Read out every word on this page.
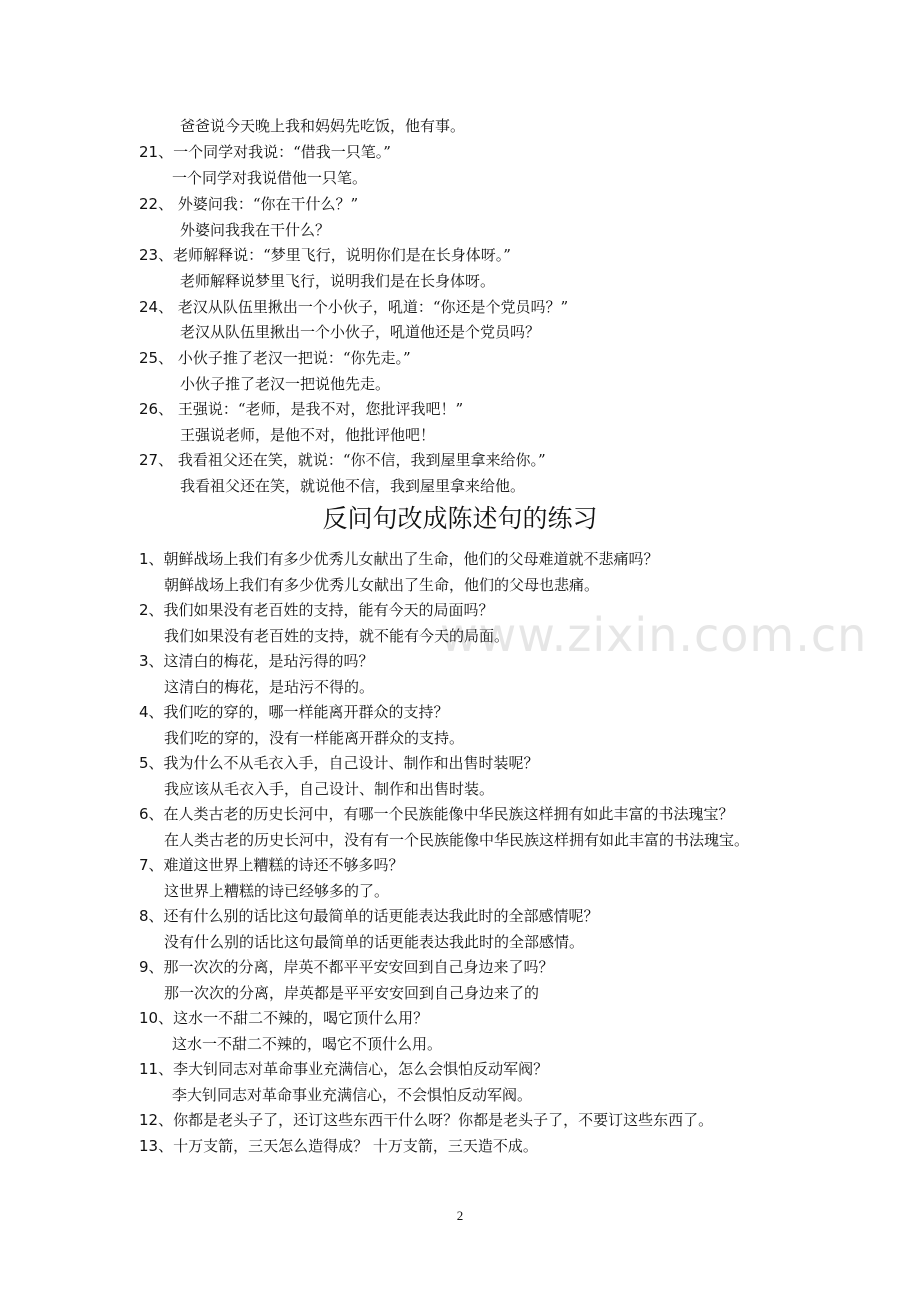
www.zixin.com.cn
爸爸说今天晚上我和妈妈先吃饭，他有事。
21、一个同学对我说：“借我一只笔。”
一个同学对我说借他一只笔。
22、 外婆问我：“你在干什么？”
外婆问我我在干什么？
23、老师解释说：“梦里飞行，说明你们是在长身体呀。”
老师解释说梦里飞行，说明我们是在长身体呀。
24、 老汉从队伍里揪出一个小伙子，吼道：“你还是个党员吗？”
老汉从队伍里揪出一个小伙子，吼道他还是个党员吗？
25、 小伙子推了老汉一把说：“你先走。”
小伙子推了老汉一把说他先走。
26、 王强说：“老师，是我不对，您批评我吧！”
王强说老师，是他不对，他批评他吧！
27、 我看祖父还在笑，就说：“你不信，我到屋里拿来给你。”
我看祖父还在笑，就说他不信，我到屋里拿来给他。
反问句改成陈述句的练习
1、朝鲜战场上我们有多少优秀儿女献出了生命，他们的父母难道就不悲痛吗？
朝鲜战场上我们有多少优秀儿女献出了生命，他们的父母也悲痛。
2、我们如果没有老百姓的支持，能有今天的局面吗？
我们如果没有老百姓的支持，就不能有今天的局面。
3、这清白的梅花，是玷污得的吗？
这清白的梅花，是玷污不得的。
4、我们吃的穿的，哪一样能离开群众的支持？
我们吃的穿的，没有一样能离开群众的支持。
5、我为什么不从毛衣入手，自己设计、制作和出售时装呢？
我应该从毛衣入手，自己设计、制作和出售时装。
6、在人类古老的历史长河中，有哪一个民族能像中华民族这样拥有如此丰富的书法瑰宝？
在人类古老的历史长河中，没有有一个民族能像中华民族这样拥有如此丰富的书法瑰宝。
7、难道这世界上糟糕的诗还不够多吗？
这世界上糟糕的诗已经够多的了。
8、还有什么别的话比这句最简单的话更能表达我此时的全部感情呢？
没有什么别的话比这句最简单的话更能表达我此时的全部感情。
9、那一次次的分离，岸英不都平平安安回到自己身边来了吗？
那一次次的分离，岸英都是平平安安回到自己身边来了的
10、这水一不甜二不辣的，喝它顶什么用？
这水一不甜二不辣的，喝它不顶什么用。
11、李大钊同志对革命事业充满信心，怎么会惧怕反动军阀？
李大钊同志对革命事业充满信心，不会惧怕反动军阀。
12、你都是老头子了，还订这些东西干什么呀？你都是老头子了，不要订这些东西了。
13、十万支箭，三天怎么造得成？ 十万支箭，三天造不成。
2
